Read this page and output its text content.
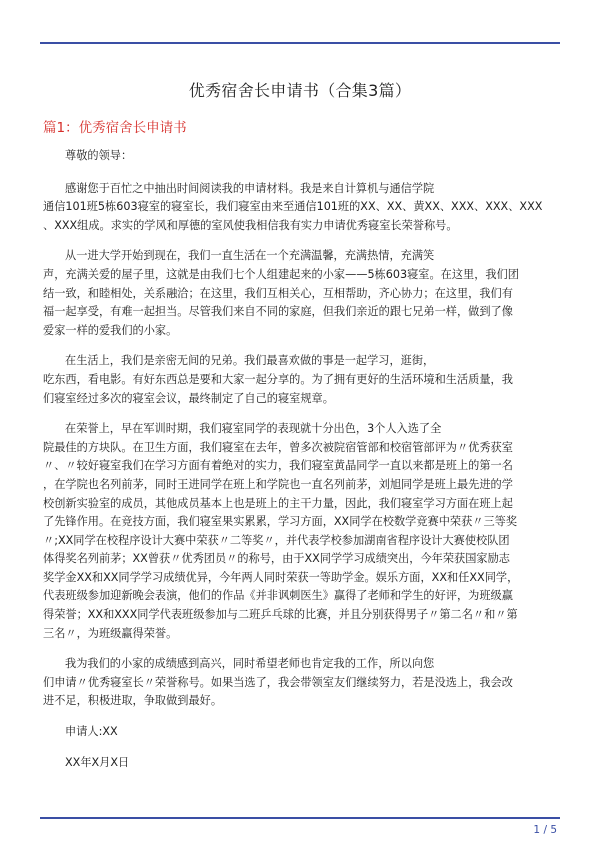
优秀宿舍长申请书（合集3篇）
篇1：优秀宿舍长申请书

尊敬的领导：

感谢您于百忙之中抽出时间阅读我的申请材料。我是来自计算机与通信学院
通信101班5栋603寝室的寝室长，我们寝室由来至通信101班的XX、XX、黄XX、XXX、XXX、XXX
、XXX组成。求实的学风和厚德的室风使我相信我有实力申请优秀寝室长荣誉称号。

从一进大学开始到现在，我们一直生活在一个充满温馨，充满热情，充满笑
声，充满关爱的屋子里，这就是由我们七个人组建起来的小家——5栋603寝室。在这里，我们团
结一致，和睦相处，关系融洽；在这里，我们互相关心，互相帮助，齐心协力；在这里，我们有
福一起享受，有难一起担当。尽管我们来自不同的家庭，但我们亲近的跟七兄弟一样，做到了像
爱家一样的爱我们的小家。

在生活上，我们是亲密无间的兄弟。我们最喜欢做的事是一起学习，逛街，
吃东西，看电影。有好东西总是要和大家一起分享的。为了拥有更好的生活环境和生活质量，我
们寝室经过多次的寝室会议，最终制定了自己的寝室规章。

在荣誉上，早在军训时期，我们寝室同学的表现就十分出色，3个人入选了全
院最佳的方块队。在卫生方面，我们寝室在去年，曾多次被院宿管部和校宿管部评为〃优秀获室
〃、〃较好寝室我们在学习方面有着绝对的实力，我们寝室黄晶同学一直以来都是班上的第一名
，在学院也名列前茅，同时王进同学在班上和学院也一直名列前茅，刘旭同学是班上最先进的学
校创新实验室的成员，其他成员基本上也是班上的主干力量，因此，我们寝室学习方面在班上起
了先锋作用。在竞技方面，我们寝室果实累累，学习方面，XX同学在校数学竞赛中荣获〃三等奖
〃;XX同学在校程序设计大赛中荣获〃二等奖〃，并代表学校参加湖南省程序设计大赛使校队团
体得奖名列前茅；XX曾获〃优秀团员〃的称号，由于XX同学学习成绩突出，今年荣获国家励志
奖学金XX和XX同学学习成绩优异，今年两人同时荣获一等助学金。娱乐方面，XX和任XX同学，
代表班级参加迎新晚会表演，他们的作品《并非讽刺医生》赢得了老师和学生的好评，为班级赢
得荣誉；XX和XXX同学代表班级参加与二班乒乓球的比赛，并且分别获得男子〃第二名〃和〃第
三名〃，为班级赢得荣誉。

我为我们的小家的成绩感到高兴，同时希望老师也肯定我的工作，所以向您
们申请〃优秀寝室长〃荣誉称号。如果当选了，我会带领室友们继续努力，若是没选上，我会改
进不足，积极进取，争取做到最好。

申请人:XX

XX年X月X日

1 / 5
